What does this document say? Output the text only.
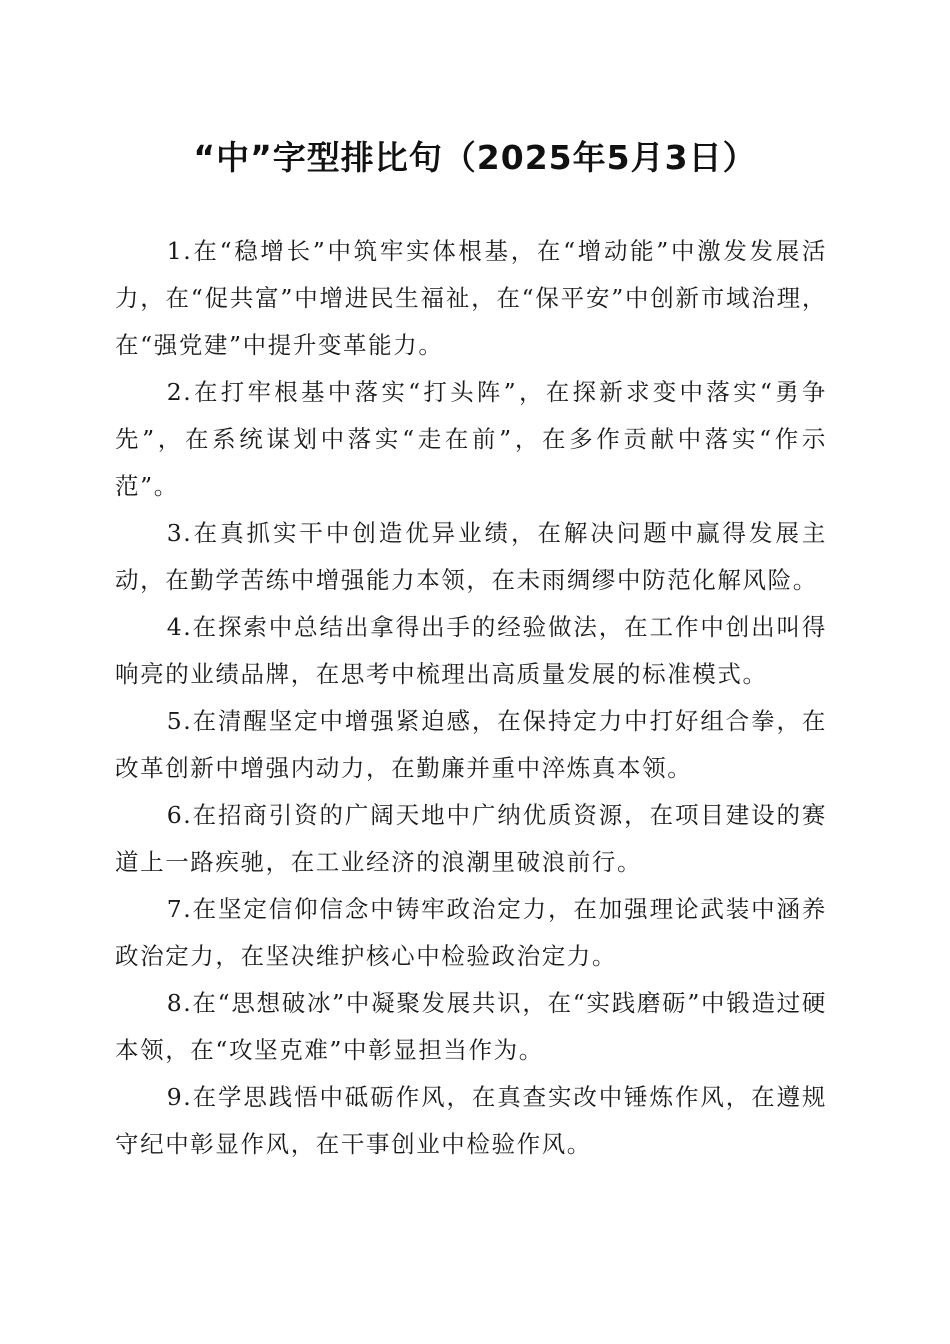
“中”字型排比句（2025年5月3日）

1.在“稳增长”中筑牢实体根基，在“增动能”中激发发展活力，在“促共富”中增进民生福祉，在“保平安”中创新市域治理，在“强党建”中提升变革能力。

2.在打牢根基中落实“打头阵”，在探新求变中落实“勇争先”，在系统谋划中落实“走在前”，在多作贡献中落实“作示范”。

3.在真抓实干中创造优异业绩，在解决问题中赢得发展主动，在勤学苦练中增强能力本领，在未雨绸缪中防范化解风险。

4.在探索中总结出拿得出手的经验做法，在工作中创出叫得响亮的业绩品牌，在思考中梳理出高质量发展的标准模式。

5.在清醒坚定中增强紧迫感，在保持定力中打好组合拳，在改革创新中增强内动力，在勤廉并重中淬炼真本领。

6.在招商引资的广阔天地中广纳优质资源，在项目建设的赛道上一路疾驰，在工业经济的浪潮里破浪前行。

7.在坚定信仰信念中铸牢政治定力，在加强理论武装中涵养政治定力，在坚决维护核心中检验政治定力。

8.在“思想破冰”中凝聚发展共识，在“实践磨砺”中锻造过硬本领，在“攻坚克难”中彰显担当作为。

9.在学思践悟中砥砺作风，在真查实改中锤炼作风，在遵规守纪中彰显作风，在干事创业中检验作风。
